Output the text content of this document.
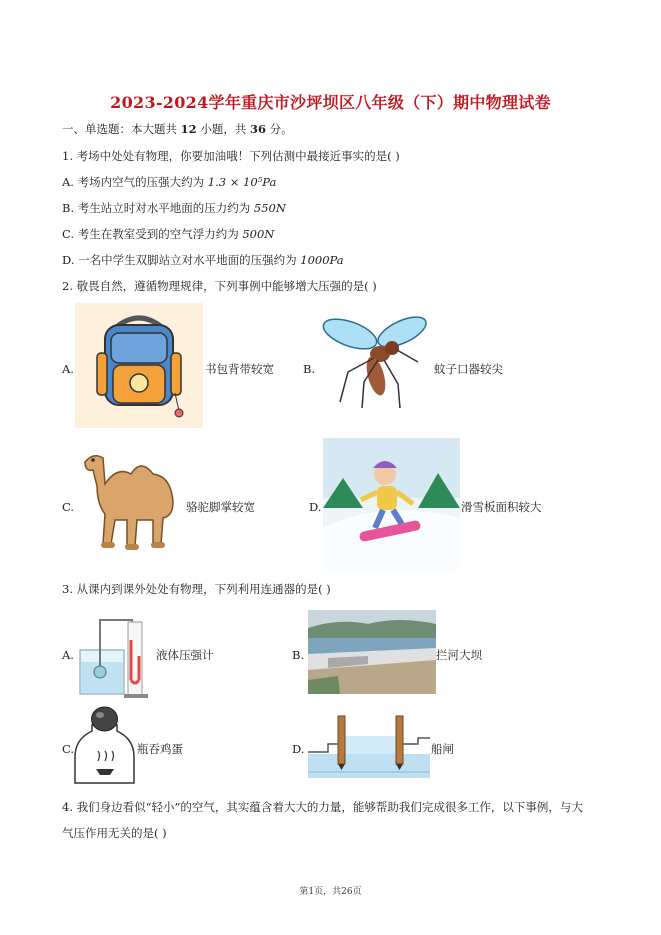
2023-2024学年重庆市沙坪坝区八年级（下）期中物理试卷
一、单选题：本大题共 12 小题，共 36 分。
1. 考场中处处有物理，你要加油哦！下列估测中最接近事实的是( )
A. 考场内空气的压强大约为 1.3 × 10⁵Pa
B. 考生站立时对水平地面的压力约为 550N
C. 考生在教室受到的空气浮力约为 500N
D. 一名中学生双脚站立对水平地面的压强约为 1000Pa
2. 敬畏自然，遵循物理规律，下列事例中能够增大压强的是( )
A.	书包背带较宽	B.	蚊子口器较尖
C.	骆驼脚掌较宽	D.	滑雪板面积较大
3. 从课内到课外处处有物理，下列利用连通器的是( )
A.	液体压强计	B.	拦河大坝
C.	瓶吞鸡蛋	D.	船闸
4. 我们身边看似“轻小”的空气，其实蕴含着大大的力量，能够帮助我们完成很多工作，以下事例，与大
气压作用无关的是( )
第1页，共26页
